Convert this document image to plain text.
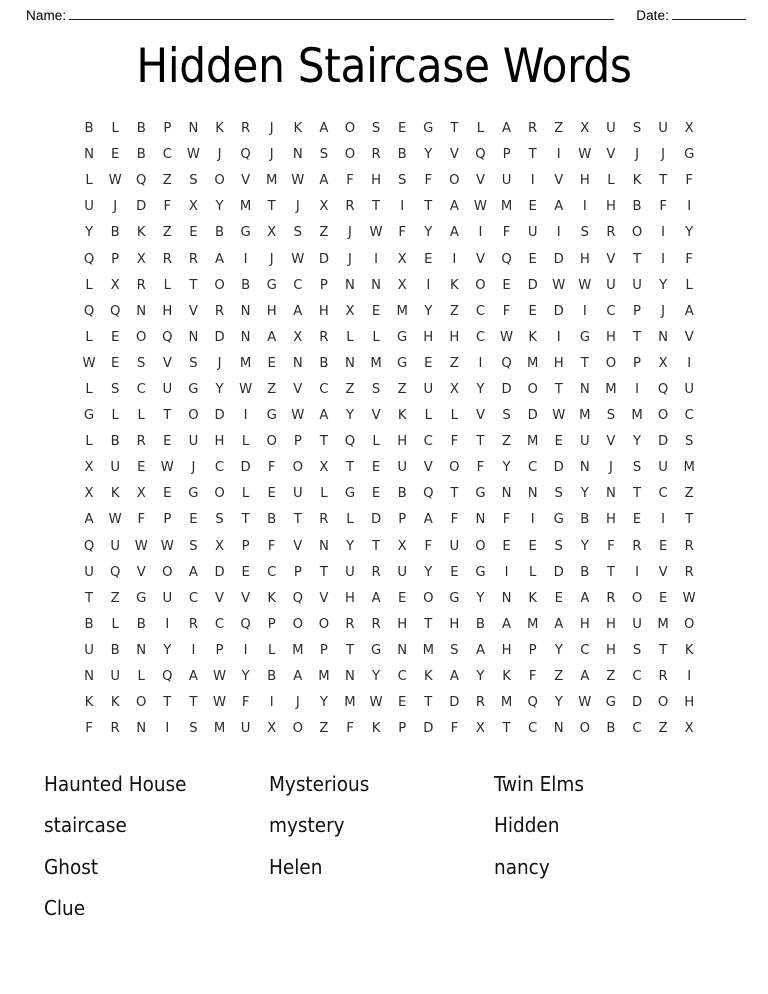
Name:	Date:
Hidden Staircase Words
B	L	B	P	N	K	R	J	K	A	O	S	E	G	T	L	A	R	Z	X	U	S	U	X
N	E	B	C	W	J	Q	J	N	S	O	R	B	Y	V	Q	P	T	I	W	V	J	J	G
L	W	Q	Z	S	O	V	M	W	A	F	H	S	F	O	V	U	I	V	H	L	K	T	F
U	J	D	F	X	Y	M	T	J	X	R	T	I	T	A	W	M	E	A	I	H	B	F	I
Y	B	K	Z	E	B	G	X	S	Z	J	W	F	Y	A	I	F	U	I	S	R	O	I	Y
Q	P	X	R	R	A	I	J	W	D	J	I	X	E	I	V	Q	E	D	H	V	T	I	F
L	X	R	L	T	O	B	G	C	P	N	N	X	I	K	O	E	D	W W	U	U	Y	L
Q	Q	N	H	V	R	N	H	A	H	X	E	M	Y	Z	C	F	E	D	I	C	P	J	A
L	E	O	Q	N	D	N	A	X	R	L	L	G	H	H	C	W	K	I	G	H	T	N	V
W	E	S	V	S	J	M	E	N	B	N	M	G	E	Z	I	Q	M	H	T	O	P	X	I
L	S	C	U	G	Y	W	Z	V	C	Z	S	Z	U	X	Y	D	O	T	N	M	I	Q	U
G	L	L	T	O	D	I	G	W	A	Y	V	K	L	L	V	S	D	W	M	S	M	O	C
L	B	R	E	U	H	L	O	P	T	Q	L	H	C	F	T	Z	M	E	U	V	Y	D	S
X	U	E	W	J	C	D	F	O	X	T	E	U	V	O	F	Y	C	D	N	J	S	U	M
X	K	X	E	G	O	L	E	U	L	G	E	B	Q	T	G	N	N	S	Y	N	T	C	Z
A	W	F	P	E	S	T	B	T	R	L	D	P	A	F	N	F	I	G	B	H	E	I	T
Q	U	W W	S	X	P	F	V	N	Y	T	X	F	U	O	E	E	S	Y	F	R	E	R
U	Q	V	O	A	D	E	C	P	T	U	R	U	Y	E	G	I	L	D	B	T	I	V	R
T	Z	G	U	C	V	V	K	Q	V	H	A	E	O	G	Y	N	K	E	A	R	O	E	W
B	L	B	I	R	C	Q	P	O	O	R	R	H	T	H	B	A	M	A	H	H	U	M	O
U	B	N	Y	I	P	I	L	M	P	T	G	N	M	S	A	H	P	Y	C	H	S	T	K
N	U	L	Q	A	W	Y	B	A	M	N	Y	C	K	A	Y	K	F	Z	A	Z	C	R	I
K	K	O	T	T	W	F	I	J	Y	M	W	E	T	D	R	M	Q	Y	W	G	D	O	H
F	R	N	I	S	M	U	X	O	Z	F	K	P	D	F	X	T	C	N	O	B	C	Z	X
Haunted House
staircase
Ghost
Clue
Mysterious
mystery
Helen
Twin Elms
Hidden
nancy
